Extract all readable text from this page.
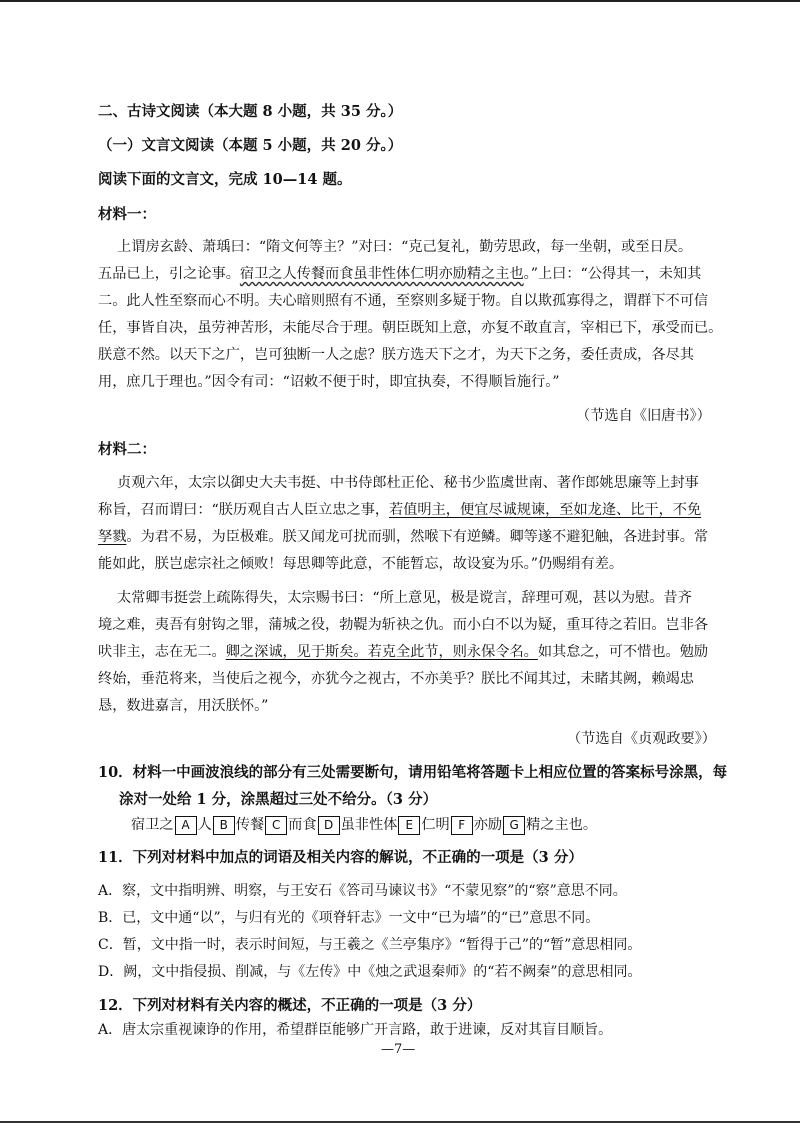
二、古诗文阅读（本大题 8 小题，共 35 分。）
（一）文言文阅读（本题 5 小题，共 20 分。）
阅读下面的文言文，完成 10—14 题。
材料一：
上谓房玄龄、萧瑀曰：“隋文何等主？”对曰：“克己复礼，勤劳思政，每一坐朝，或至日昃。
五品已上，引之论事。宿卫之人传餐而食虽非性体仁明亦励精之主也。”上曰：“公得其一，未知其
二。此人性至察而心不明。夫心暗则照有不通，至察则多疑于物。自以欺孤寡得之，谓群下不可信
任，事皆自决，虽劳神苦形，未能尽合于理。朝臣既知上意，亦复不敢直言，宰相已下，承受而已。
朕意不然。以天下之广，岂可独断一人之虑？朕方选天下之才，为天下之务，委任责成，各尽其
用，庶几于理也。”因令有司：“诏敕不便于时，即宜执奏，不得顺旨施行。”
（节选自《旧唐书》）
材料二：
贞观六年，太宗以御史大夫韦挺、中书侍郎杜正伦、秘书少监虞世南、著作郎姚思廉等上封事
称旨，召而谓曰：“朕历观自古人臣立忠之事，若值明主，便宜尽诚规谏，至如龙逄、比干，不免
孥戮。为君不易，为臣极难。朕又闻龙可扰而驯，然喉下有逆鳞。卿等遂不避犯触，各进封事。常
能如此，朕岂虑宗社之倾败！每思卿等此意，不能暂忘，故设宴为乐。”仍赐绢有差。
太常卿韦挺尝上疏陈得失，太宗赐书曰：“所上意见，极是谠言，辞理可观，甚以为慰。昔齐
境之难，夷吾有射钩之罪，蒲城之役，勃鞮为斩袂之仇。而小白不以为疑，重耳待之若旧。岂非各
吠非主，志在无二。卿之深诚，见于斯矣。若克全此节，则永保令名。如其怠之，可不惜也。勉励
终始，垂范将来，当使后之视今，亦犹今之视古，不亦美乎？朕比不闻其过，未睹其阙，赖竭忠
恳，数进嘉言，用沃朕怀。”
（节选自《贞观政要》）
10．材料一中画波浪线的部分有三处需要断句，请用铅笔将答题卡上相应位置的答案标号涂黑，每
涂对一处给 1 分，涂黑超过三处不给分。（3 分）
宿卫之 A 人 B 传餐 C 而食 D 虽非性体 E 仁明 F 亦励 G 精之主也。
11．下列对材料中加点的词语及相关内容的解说，不正确的一项是（3 分）
A．察，文中指明辨、明察，与王安石《答司马谏议书》“不蒙见察”的“察”意思不同。
B．已，文中通“以”，与归有光的《项脊轩志》一文中“已为墙”的“已”意思不同。
C．暂，文中指一时，表示时间短，与王羲之《兰亭集序》“暂得于己”的“暂”意思相同。
D．阙，文中指侵损、削减，与《左传》中《烛之武退秦师》的“若不阙秦”的意思相同。
12．下列对材料有关内容的概述，不正确的一项是（3 分）
A．唐太宗重视谏诤的作用，希望群臣能够广开言路，敢于进谏，反对其盲目顺旨。
—7—
